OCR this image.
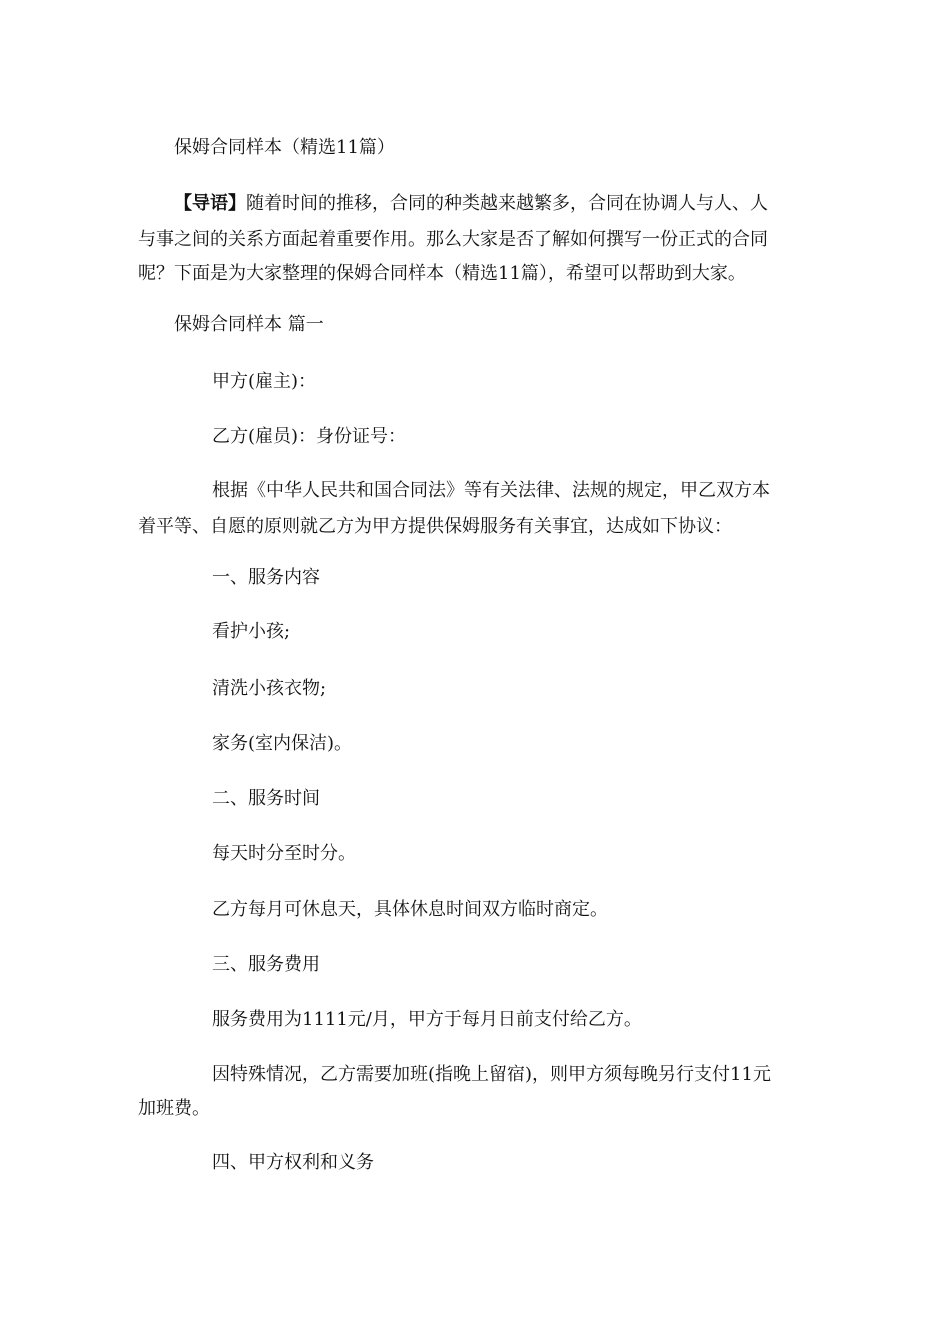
保姆合同样本（精选11篇）

【导语】随着时间的推移，合同的种类越来越繁多，合同在协调人与人、人

与事之间的关系方面起着重要作用。那么大家是否了解如何撰写一份正式的合同

呢？下面是为大家整理的保姆合同样本（精选11篇），希望可以帮助到大家。

保姆合同样本 篇一

甲方(雇主)：

乙方(雇员)：身份证号：

根据《中华人民共和国合同法》等有关法律、法规的规定，甲乙双方本

着平等、自愿的原则就乙方为甲方提供保姆服务有关事宜，达成如下协议：

一、服务内容

看护小孩;

清洗小孩衣物;

家务(室内保洁)。

二、服务时间

每天时分至时分。

乙方每月可休息天，具体休息时间双方临时商定。

三、服务费用

服务费用为1111元/月，甲方于每月日前支付给乙方。

因特殊情况，乙方需要加班(指晚上留宿)，则甲方须每晚另行支付11元

加班费。

四、甲方权利和义务
